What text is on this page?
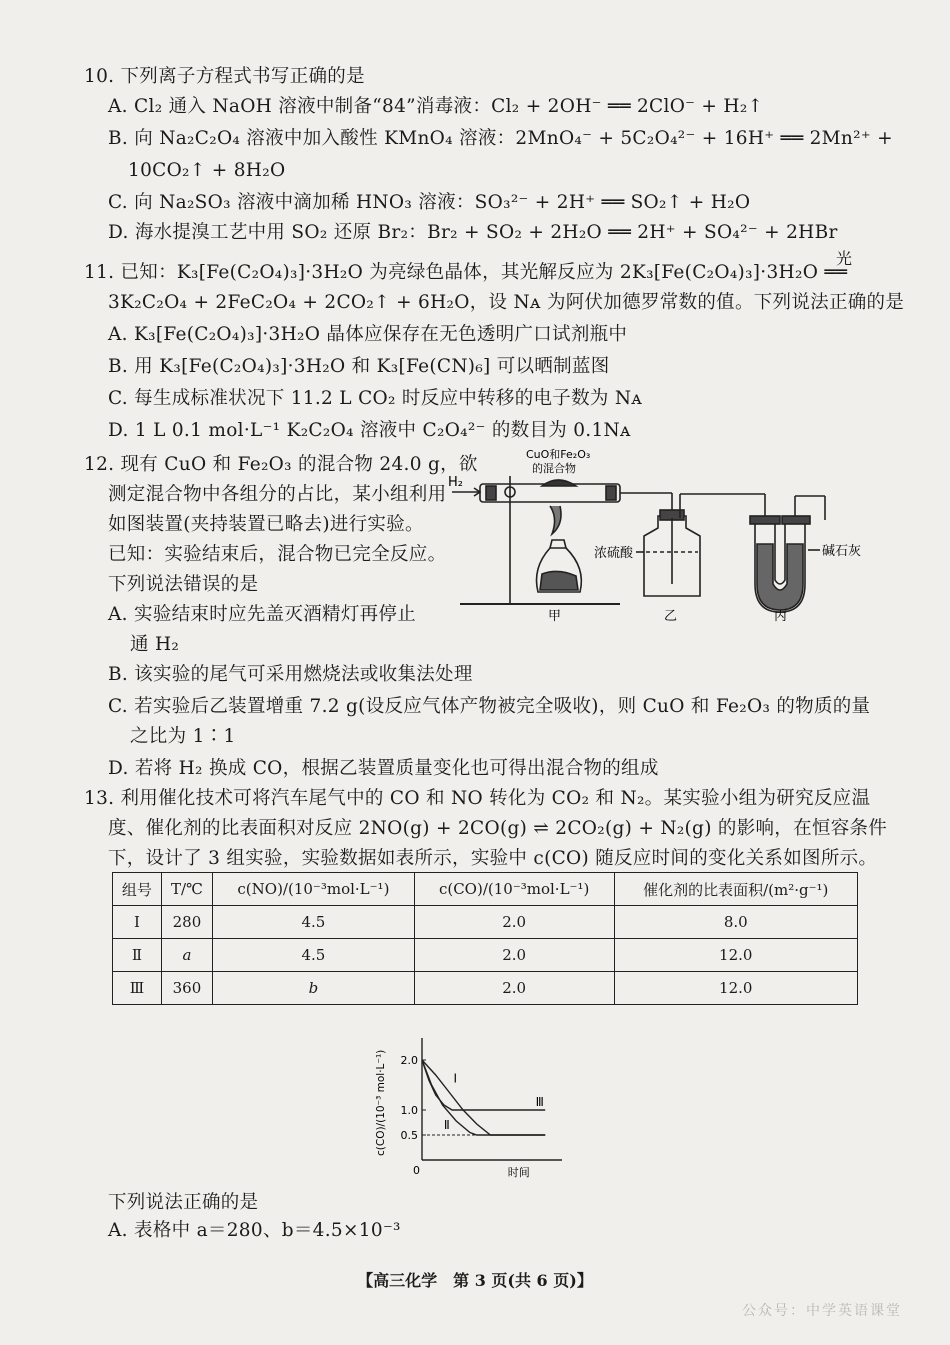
10. 下列离子方程式书写正确的是
A. Cl₂ 通入 NaOH 溶液中制备“84”消毒液：Cl₂ + 2OH⁻ ══ 2ClO⁻ + H₂↑
B. 向 Na₂C₂O₄ 溶液中加入酸性 KMnO₄ 溶液：2MnO₄⁻ + 5C₂O₄²⁻ + 16H⁺ ══ 2Mn²⁺ +
10CO₂↑ + 8H₂O
C. 向 Na₂SO₃ 溶液中滴加稀 HNO₃ 溶液：SO₃²⁻ + 2H⁺ ══ SO₂↑ + H₂O
D. 海水提溴工艺中用 SO₂ 还原 Br₂：Br₂ + SO₂ + 2H₂O ══ 2H⁺ + SO₄²⁻ + 2HBr
11. 已知：K₃[Fe(C₂O₄)₃]·3H₂O 为亮绿色晶体，其光解反应为 2K₃[Fe(C₂O₄)₃]·3H₂O ══
光
3K₂C₂O₄ + 2FeC₂O₄ + 2CO₂↑ + 6H₂O，设 Nᴀ 为阿伏加德罗常数的值。下列说法正确的是
A. K₃[Fe(C₂O₄)₃]·3H₂O 晶体应保存在无色透明广口试剂瓶中
B. 用 K₃[Fe(C₂O₄)₃]·3H₂O 和 K₃[Fe(CN)₆] 可以晒制蓝图
C. 每生成标准状况下 11.2 L CO₂ 时反应中转移的电子数为 Nᴀ
D. 1 L 0.1 mol·L⁻¹ K₂C₂O₄ 溶液中 C₂O₄²⁻ 的数目为 0.1Nᴀ
12. 现有 CuO 和 Fe₂O₃ 的混合物 24.0 g，欲
测定混合物中各组分的占比，某小组利用
如图装置(夹持装置已略去)进行实验。
已知：实验结束后，混合物已完全反应。
下列说法错误的是
A. 实验结束时应先盖灭酒精灯再停止
通 H₂
B. 该实验的尾气可采用燃烧法或收集法处理
C. 若实验后乙装置增重 7.2 g(设反应气体产物被完全吸收)，则 CuO 和 Fe₂O₃ 的物质的量
之比为 1∶1
D. 若将 H₂ 换成 CO，根据乙装置质量变化也可得出混合物的组成
H₂
CuO和Fe₂O₃
的混合物
浓硫酸	碱石灰
甲	乙	丙
13. 利用催化技术可将汽车尾气中的 CO 和 NO 转化为 CO₂ 和 N₂。某实验小组为研究反应温
度、催化剂的比表面积对反应 2NO(g) + 2CO(g) ⇌ 2CO₂(g) + N₂(g) 的影响，在恒容条件
下，设计了 3 组实验，实验数据如表所示，实验中 c(CO) 随反应时间的变化关系如图所示。
组号	T/℃	c(NO)/(10⁻³mol·L⁻¹)	c(CO)/(10⁻³mol·L⁻¹)	催化剂的比表面积/(m²·g⁻¹)
Ⅰ	280	4.5	2.0	8.0
Ⅱ	a	4.5	2.0	12.0
Ⅲ	360	b	2.0	12.0
2.0
1.0
0.5
0	时间
c(CO)/(10⁻³ mol·L⁻¹)	Ⅰ
Ⅱ
Ⅲ
下列说法正确的是
A. 表格中 a＝280、b＝4.5×10⁻³
【高三化学　第 3 页(共 6 页)】
公众号：中学英语课堂
